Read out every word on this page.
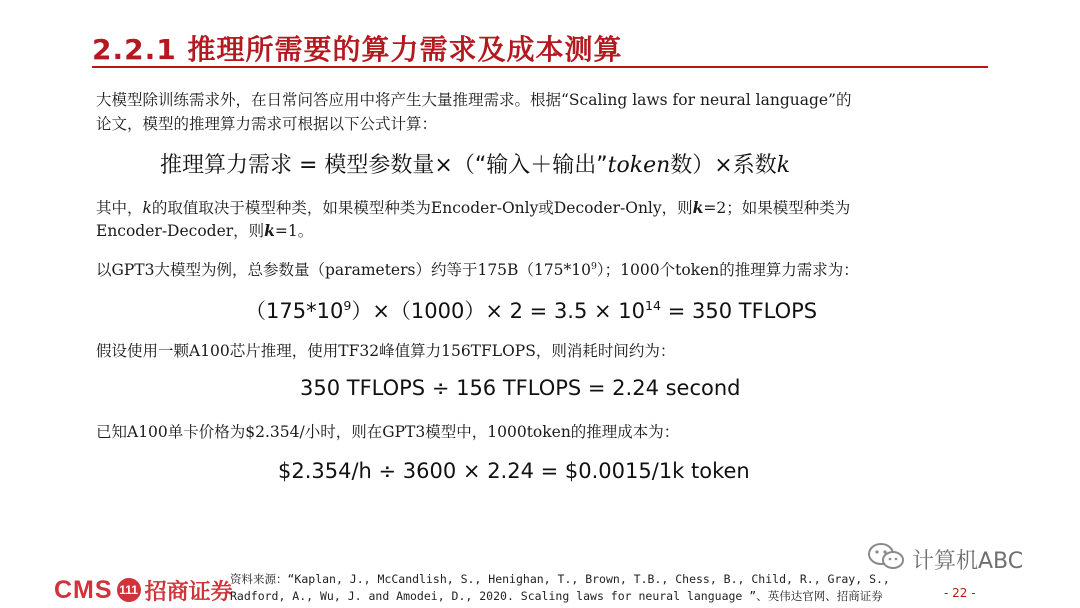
2.2.1 推理所需要的算力需求及成本测算
大模型除训练需求外，在日常问答应用中将产生大量推理需求。根据“Scaling laws for neural language”的
论文，模型的推理算力需求可根据以下公式计算：
推理算力需求 = 模型参数量×（“输入＋输出”token数）×系数k
其中，k的取值取决于模型种类，如果模型种类为Encoder-Only或Decoder-Only，则k=2；如果模型种类为
Encoder-Decoder，则k=1。
以GPT3大模型为例，总参数量（parameters）约等于$175B(175*10^9)$；1000个token的推理算力需求为：
$(175*10^9)\times(1000)\times 2 = 3.5 \times 10^{14} = 350$ TFLOPS
假设使用一颗A100芯片推理，使用TF32峰值算力156TFLOPS，则消耗时间约为：
350 TFLOPS ÷ 156 TFLOPS = 2.24 second
已知A100单卡价格为$2.354/小时，则在GPT3模型中，1000token的推理成本为：
$2.354/h ÷ 3600 × 2.24 = $0.0015/1k token
计算机ABC
CMS 111 招商证券
资料来源：“Kaplan, J., McCandlish, S., Henighan, T., Brown, T.B., Chess, B., Child, R., Gray, S.,
Radford, A., Wu, J. and Amodei, D., 2020. Scaling laws for neural language ”、英伟达官网、招商证券	- 22 -
